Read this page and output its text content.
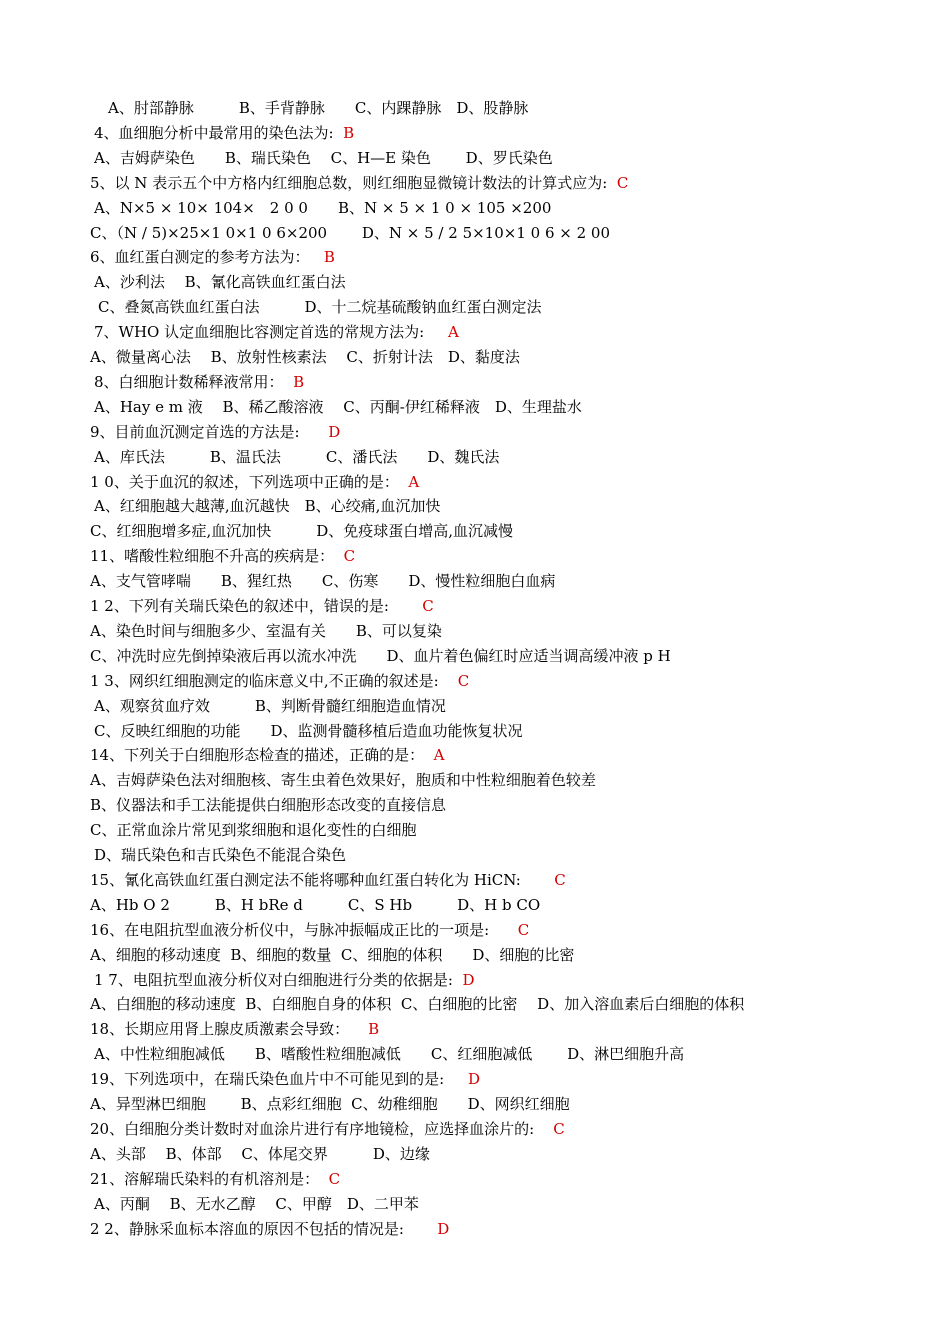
A、肘部静脉　　　B、手背静脉　　C、内踝静脉　D、股静脉
4、血细胞分析中最常用的染色法为:  B
A、吉姆萨染色　　B、瑞氏染色　 C、H—E 染色　　 D、罗氏染色
5、以 N 表示五个中方格内红细胞总数，则红细胞显微镜计数法的计算式应为:  C
A、N×5 × 10× 104×　2 0 0　　B、N × 5 × 1 0 × 105 ×200
C、（N / 5)×25×1 0×1 0 6×200　　 D、N × 5 / 2 5×10×1 0 6 × 2 00
6、血红蛋白测定的参考方法为：   B
A、沙利法　 B、氰化高铁血红蛋白法
C、叠氮高铁血红蛋白法　　　D、十二烷基硫酸钠血红蛋白测定法
7、WHO 认定血细胞比容测定首选的常规方法为:     A
A、微量离心法　 B、放射性核素法　 C、折射计法　D、黏度法
8、白细胞计数稀释液常用：  B
A、Hay e m 液　 B、稀乙酸溶液　 C、丙酮-伊红稀释液　D、生理盐水
9、目前血沉测定首选的方法是:      D
A、库氏法　　　B、温氏法　　　C、潘氏法　　D、魏氏法
1 0、关于血沉的叙述，下列选项中正确的是：  A
A、红细胞越大越薄,血沉越快　B、心绞痛,血沉加快
C、红细胞增多症,血沉加快　　　D、免疫球蛋白增高,血沉减慢
11、嗜酸性粒细胞不升高的疾病是：  C
A、支气管哮喘　　B、猩红热　　C、伤寒　　D、慢性粒细胞白血病
1 2、下列有关瑞氏染色的叙述中，错误的是:       C
A、染色时间与细胞多少、室温有关　　B、可以复染
C、冲洗时应先倒掉染液后再以流水冲洗　　D、血片着色偏红时应适当调高缓冲液 p H
1 3、网织红细胞测定的临床意义中,不正确的叙述是:    C
A、观察贫血疗效　　　B、判断骨髓红细胞造血情况
C、反映红细胞的功能　　D、监测骨髓移植后造血功能恢复状况
14、下列关于白细胞形态检查的描述，正确的是：  A
A、吉姆萨染色法对细胞核、寄生虫着色效果好，胞质和中性粒细胞着色较差
B、仪器法和手工法能提供白细胞形态改变的直接信息
C、正常血涂片常见到浆细胞和退化变性的白细胞
D、瑞氏染色和吉氏染色不能混合染色
15、氰化高铁血红蛋白测定法不能将哪种血红蛋白转化为 HiCN:       C
A、Hb O 2　　　B、H bRe d　　　C、S Hb　　　D、H b CO
16、在电阻抗型血液分析仪中，与脉冲振幅成正比的一项是:      C
A、细胞的移动速度  B、细胞的数量  C、细胞的体积　　D、细胞的比密
1 7、电阻抗型血液分析仪对白细胞进行分类的依据是:  D
A、白细胞的移动速度  B、白细胞自身的体积  C、白细胞的比密　 D、加入溶血素后白细胞的体积
18、长期应用肾上腺皮质激素会导致：    B
A、中性粒细胞减低　　B、嗜酸性粒细胞减低　　C、红细胞减低　　 D、淋巴细胞升高
19、下列选项中，在瑞氏染色血片中不可能见到的是:     D
A、异型淋巴细胞　　 B、点彩红细胞  C、幼稚细胞　　D、网织红细胞
20、白细胞分类计数时对血涂片进行有序地镜检，应选择血涂片的:    C
A、头部　 B、体部　 C、体尾交界　　　D、边缘
21、溶解瑞氏染料的有机溶剂是：  C
A、丙酮　 B、无水乙醇　 C、甲醇　D、二甲苯
2 2、静脉采血标本溶血的原因不包括的情况是:       D
